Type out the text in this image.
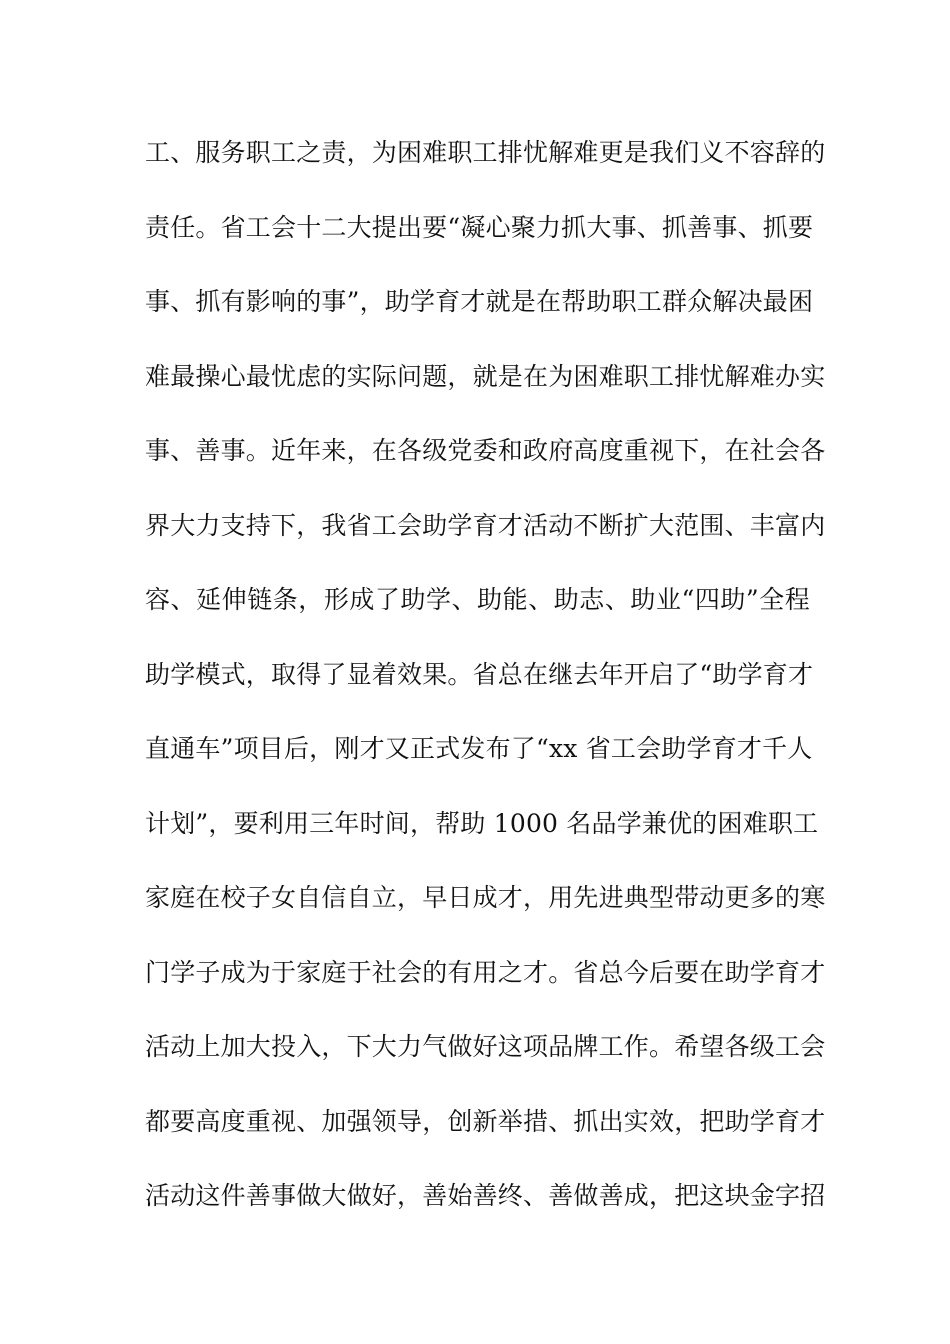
工、服务职工之责，为困难职工排忧解难更是我们义不容辞的
责任。省工会十二大提出要“凝心聚力抓大事、抓善事、抓要
事、抓有影响的事”，助学育才就是在帮助职工群众解决最困
难最操心最忧虑的实际问题，就是在为困难职工排忧解难办实
事、善事。近年来，在各级党委和政府高度重视下，在社会各
界大力支持下，我省工会助学育才活动不断扩大范围、丰富内
容、延伸链条，形成了助学、助能、助志、助业“四助”全程
助学模式，取得了显着效果。省总在继去年开启了“助学育才
直通车”项目后，刚才又正式发布了“xx 省工会助学育才千人
计划”，要利用三年时间，帮助 1000 名品学兼优的困难职工
家庭在校子女自信自立，早日成才，用先进典型带动更多的寒
门学子成为于家庭于社会的有用之才。省总今后要在助学育才
活动上加大投入，下大力气做好这项品牌工作。希望各级工会
都要高度重视、加强领导，创新举措、抓出实效，把助学育才
活动这件善事做大做好，善始善终、善做善成，把这块金字招
